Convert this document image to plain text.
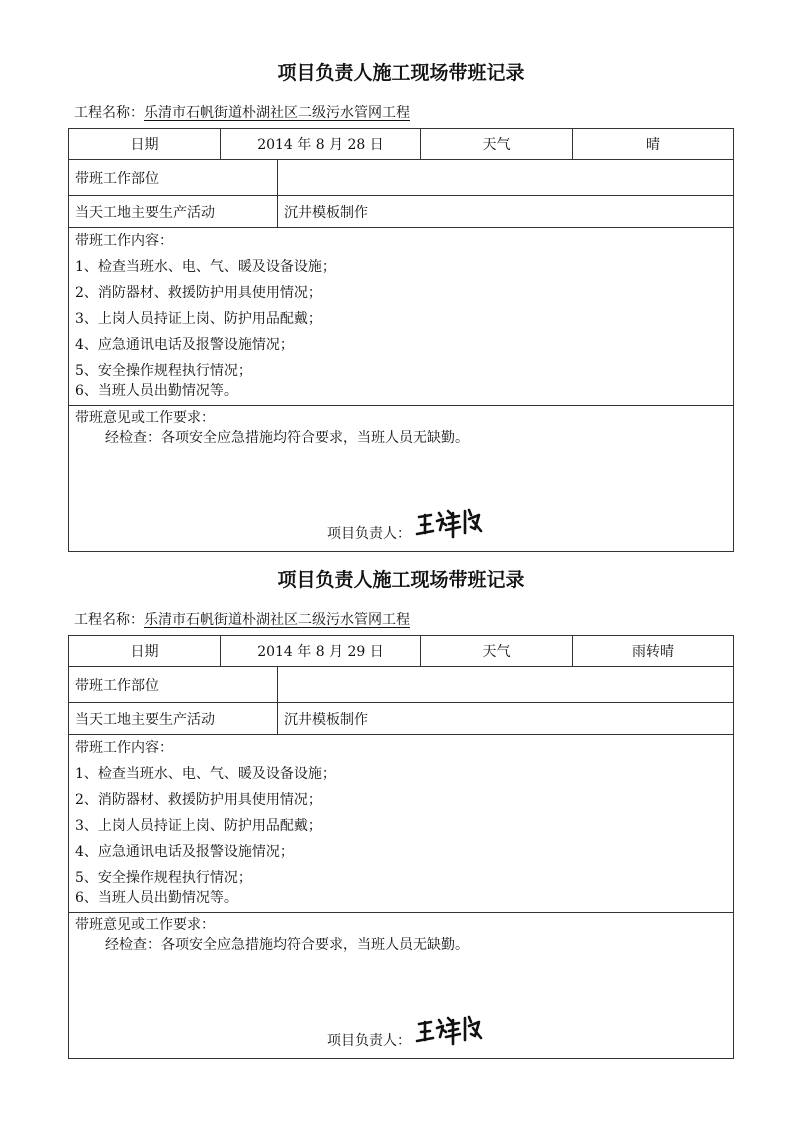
项目负责人施工现场带班记录
工程名称：乐清市石帆街道朴湖社区二级污水管网工程
日期	2014 年 8 月 28 日	天气	晴
带班工作部位
当天工地主要生产活动	沉井模板制作
带班工作内容：
1、检查当班水、电、气、暖及设备设施；
2、消防器材、救援防护用具使用情况；
3、上岗人员持证上岗、防护用品配戴；
4、应急通讯电话及报警设施情况；
5、安全操作规程执行情况；
6、当班人员出勤情况等。
带班意见或工作要求：
经检查：各项安全应急措施均符合要求，当班人员无缺勤。
项目负责人：
项目负责人施工现场带班记录
工程名称：乐清市石帆街道朴湖社区二级污水管网工程
日期	2014 年 8 月 29 日	天气	雨转晴
带班工作部位
当天工地主要生产活动	沉井模板制作
带班工作内容：
1、检查当班水、电、气、暖及设备设施；
2、消防器材、救援防护用具使用情况；
3、上岗人员持证上岗、防护用品配戴；
4、应急通讯电话及报警设施情况；
5、安全操作规程执行情况；
6、当班人员出勤情况等。
带班意见或工作要求：
经检查：各项安全应急措施均符合要求，当班人员无缺勤。
项目负责人：
